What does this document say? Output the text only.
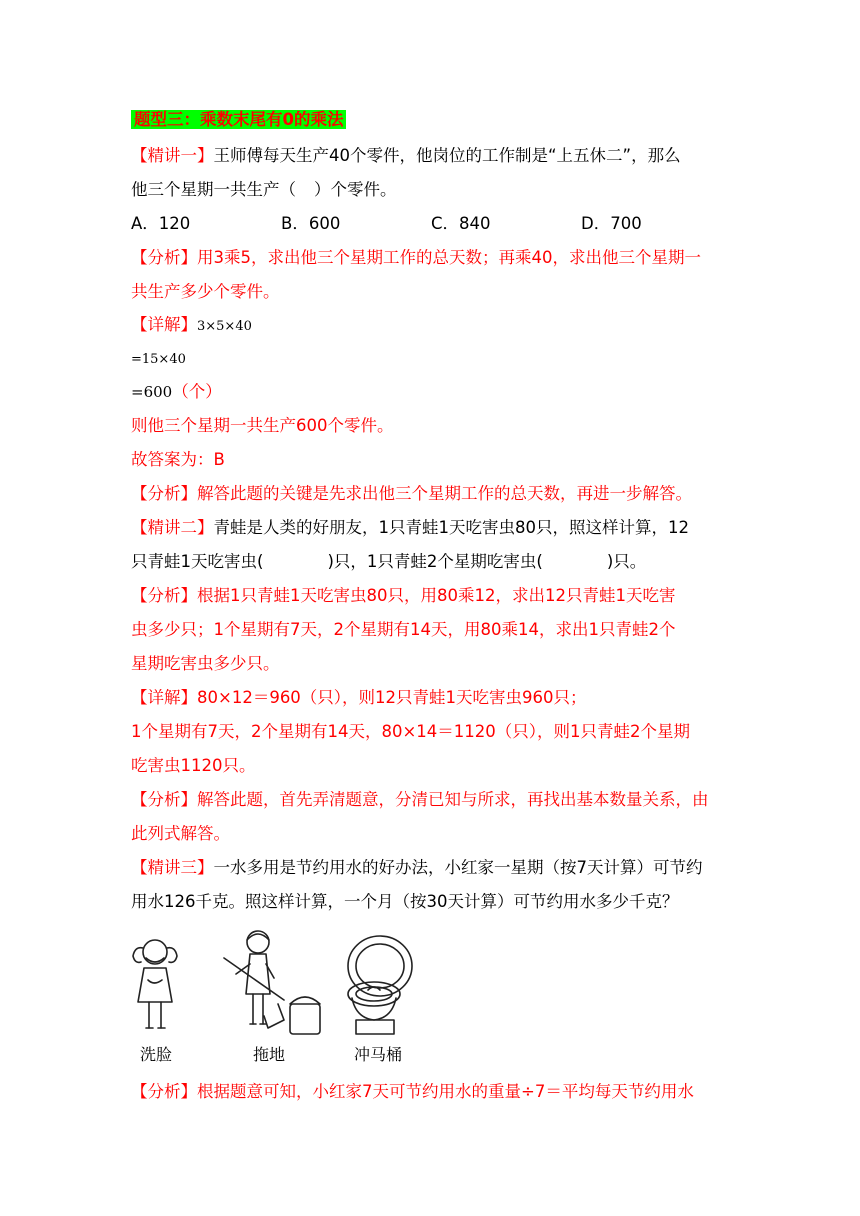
题型三：乘数末尾有0的乘法
【精讲一】王师傅每天生产40个零件，他岗位的工作制是“上五休二”，那么
他三个星期一共生产（ ）个零件。
A．120	B．600	C．840	D．700
【分析】用3乘5，求出他三个星期工作的总天数；再乘40，求出他三个星期一
共生产多少个零件。
【详解】3×5×40
=15×40
=600（个）
则他三个星期一共生产600个零件。
故答案为：B
【分析】解答此题的关键是先求出他三个星期工作的总天数，再进一步解答。
【精讲二】青蛙是人类的好朋友，1只青蛙1天吃害虫80只，照这样计算，12
只青蛙1天吃害虫(	)只，1只青蛙2个星期吃害虫(	)只。
【分析】根据1只青蛙1天吃害虫80只，用80乘12，求出12只青蛙1天吃害
虫多少只；1个星期有7天，2个星期有14天，用80乘14，求出1只青蛙2个
星期吃害虫多少只。
【详解】80×12＝960（只），则12只青蛙1天吃害虫960只；
1个星期有7天，2个星期有14天，80×14＝1120（只），则1只青蛙2个星期
吃害虫1120只。
【分析】解答此题，首先弄清题意，分清已知与所求，再找出基本数量关系，由
此列式解答。
【精讲三】一水多用是节约用水的好办法，小红家一星期（按7天计算）可节约
用水126千克。照这样计算，一个月（按30天计算）可节约用水多少千克？
洗脸	拖地	冲马桶
【分析】根据题意可知，小红家7天可节约用水的重量÷7＝平均每天节约用水
